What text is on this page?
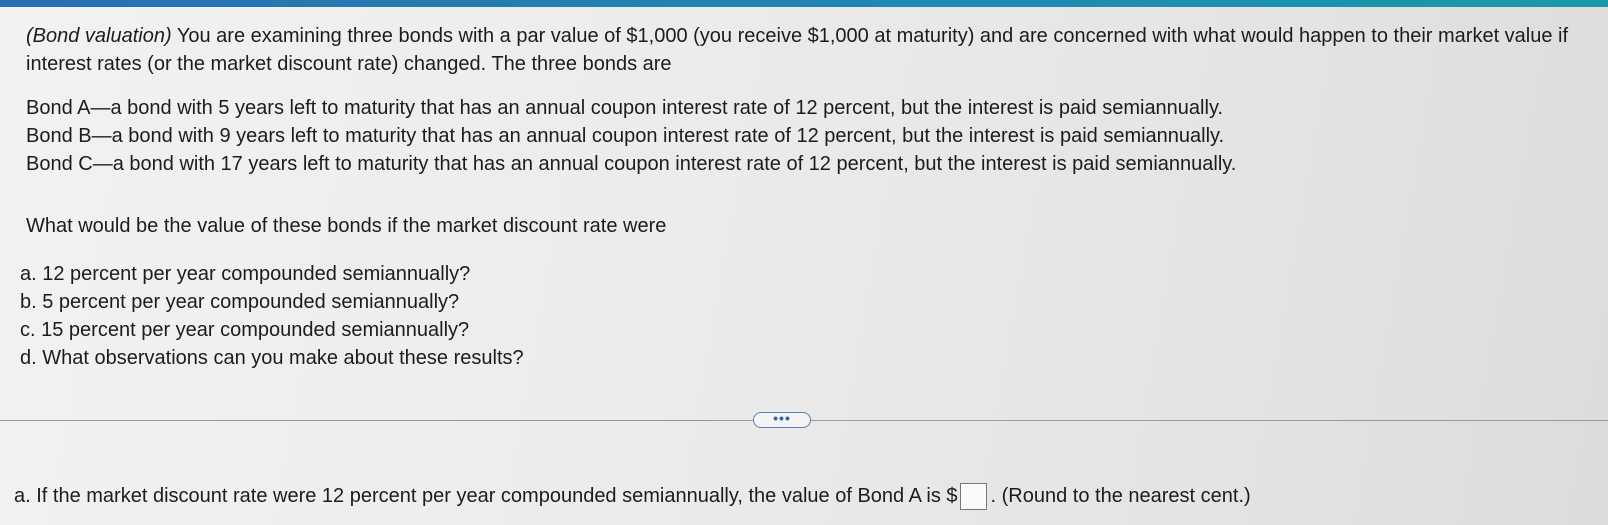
(Bond valuation) You are examining three bonds with a par value of $1,000 (you receive $1,000 at maturity) and are concerned with what would happen to their market value if interest rates (or the market discount rate) changed. The three bonds are
Bond A—a bond with 5 years left to maturity that has an annual coupon interest rate of 12 percent, but the interest is paid semiannually.
Bond B—a bond with 9 years left to maturity that has an annual coupon interest rate of 12 percent, but the interest is paid semiannually.
Bond C—a bond with 17 years left to maturity that has an annual coupon interest rate of 12 percent, but the interest is paid semiannually.
What would be the value of these bonds if the market discount rate were
a. 12 percent per year compounded semiannually?
b. 5 percent per year compounded semiannually?
c. 15 percent per year compounded semiannually?
d. What observations can you make about these results?
•••
a. If the market discount rate were 12 percent per year compounded semiannually, the value of Bond A is $ . (Round to the nearest cent.)
